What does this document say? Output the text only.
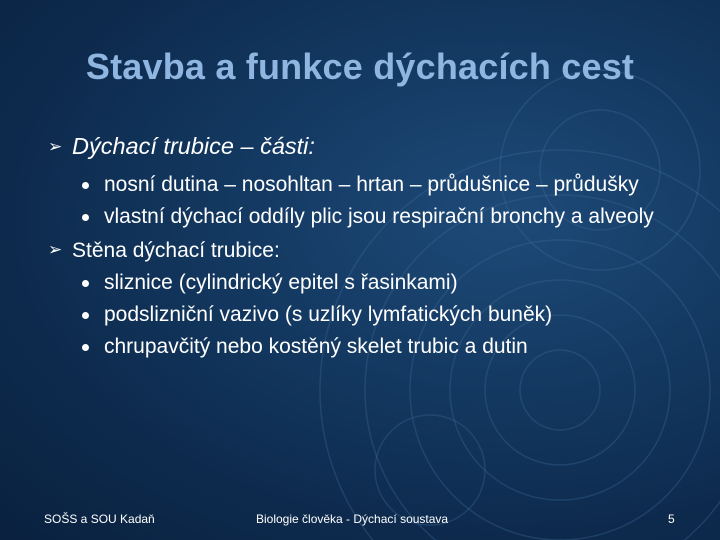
Stavba a funkce dýchacích cest
➢ Dýchací trubice – části:
nosní dutina – nosohltan – hrtan – průdušnice – průdušky
vlastní dýchací oddíly plic jsou respirační bronchy a alveoly
➢ Stěna dýchací trubice:
sliznice (cylindrický epitel s řasinkami)
podslizniční vazivo (s uzlíky lymfatických buněk)
chrupavčitý nebo kostěný skelet trubic a dutin
SOŠS a SOU Kadaň	Biologie člověka - Dýchací soustava	5
